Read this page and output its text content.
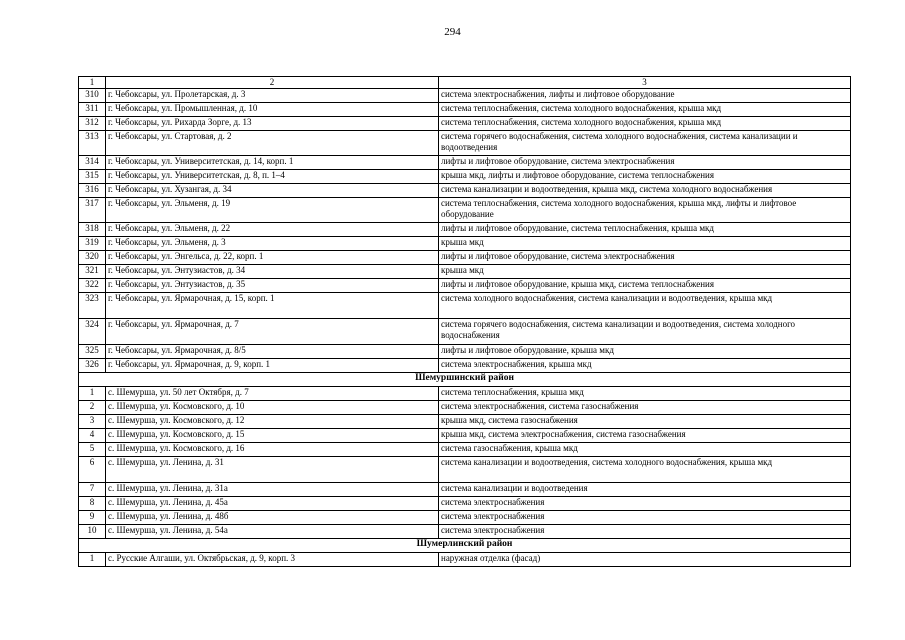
294
1	2	3
310	г. Чебоксары, ул. Пролетарская, д. 3	система электроснабжения, лифты и лифтовое оборудование
311	г. Чебоксары, ул. Промышленная, д. 10	система теплоснабжения, система холодного водоснабжения, крыша мкд
312	г. Чебоксары, ул. Рихарда Зорге, д. 13	система теплоснабжения, система холодного водоснабжения, крыша мкд
313	г. Чебоксары, ул. Стартовая, д. 2	система горячего водоснабжения, система холодного водоснабжения, система канализации и водоотведения
314	г. Чебоксары, ул. Университетская, д. 14, корп. 1	лифты и лифтовое оборудование, система электроснабжения
315	г. Чебоксары, ул. Университетская, д. 8, п. 1–4	крыша мкд, лифты и лифтовое оборудование, система теплоснабжения
316	г. Чебоксары, ул. Хузангая, д. 34	система канализации и водоотведения, крыша мкд, система холодного водоснабжения
317	г. Чебоксары, ул. Эльменя, д. 19	система теплоснабжения, система холодного водоснабжения, крыша мкд, лифты и лифтовое оборудование
318	г. Чебоксары, ул. Эльменя, д. 22	лифты и лифтовое оборудование, система теплоснабжения, крыша мкд
319	г. Чебоксары, ул. Эльменя, д. 3	крыша мкд
320	г. Чебоксары, ул. Энгельса, д. 22, корп. 1	лифты и лифтовое оборудование, система электроснабжения
321	г. Чебоксары, ул. Энтузиастов, д. 34	крыша мкд
322	г. Чебоксары, ул. Энтузиастов, д. 35	лифты и лифтовое оборудование, крыша мкд, система теплоснабжения
323	г. Чебоксары, ул. Ярмарочная, д. 15, корп. 1	система холодного водоснабжения, система канализации и водоотведения, крыша мкд
324	г. Чебоксары, ул. Ярмарочная, д. 7	система горячего водоснабжения, система канализации и водоотведения, система холодного водоснабжения
325	г. Чебоксары, ул. Ярмарочная, д. 8/5	лифты и лифтовое оборудование, крыша мкд
326	г. Чебоксары, ул. Ярмарочная, д. 9, корп. 1	система электроснабжения, крыша мкд
Шемуршинский район		
1	с. Шемурша, ул. 50 лет Октября, д. 7	система теплоснабжения, крыша мкд
2	с. Шемурша, ул. Космовского, д. 10	система электроснабжения, система газоснабжения
3	с. Шемурша, ул. Космовского, д. 12	крыша мкд, система газоснабжения
4	с. Шемурша, ул. Космовского, д. 15	крыша мкд, система электроснабжения, система газоснабжения
5	с. Шемурша, ул. Космовского, д. 16	система газоснабжения, крыша мкд
6	с. Шемурша, ул. Ленина, д. 31	система канализации и водоотведения, система холодного водоснабжения, крыша мкд
7	с. Шемурша, ул. Ленина, д. 31а	система канализации и водоотведения
8	с. Шемурша, ул. Ленина, д. 45а	система электроснабжения
9	с. Шемурша, ул. Ленина, д. 48б	система электроснабжения
10	с. Шемурша, ул. Ленина, д. 54а	система электроснабжения
Шумерлинский район		
1	с. Русские Алгаши, ул. Октябрьская, д. 9, корп. 3	наружная отделка (фасад)
